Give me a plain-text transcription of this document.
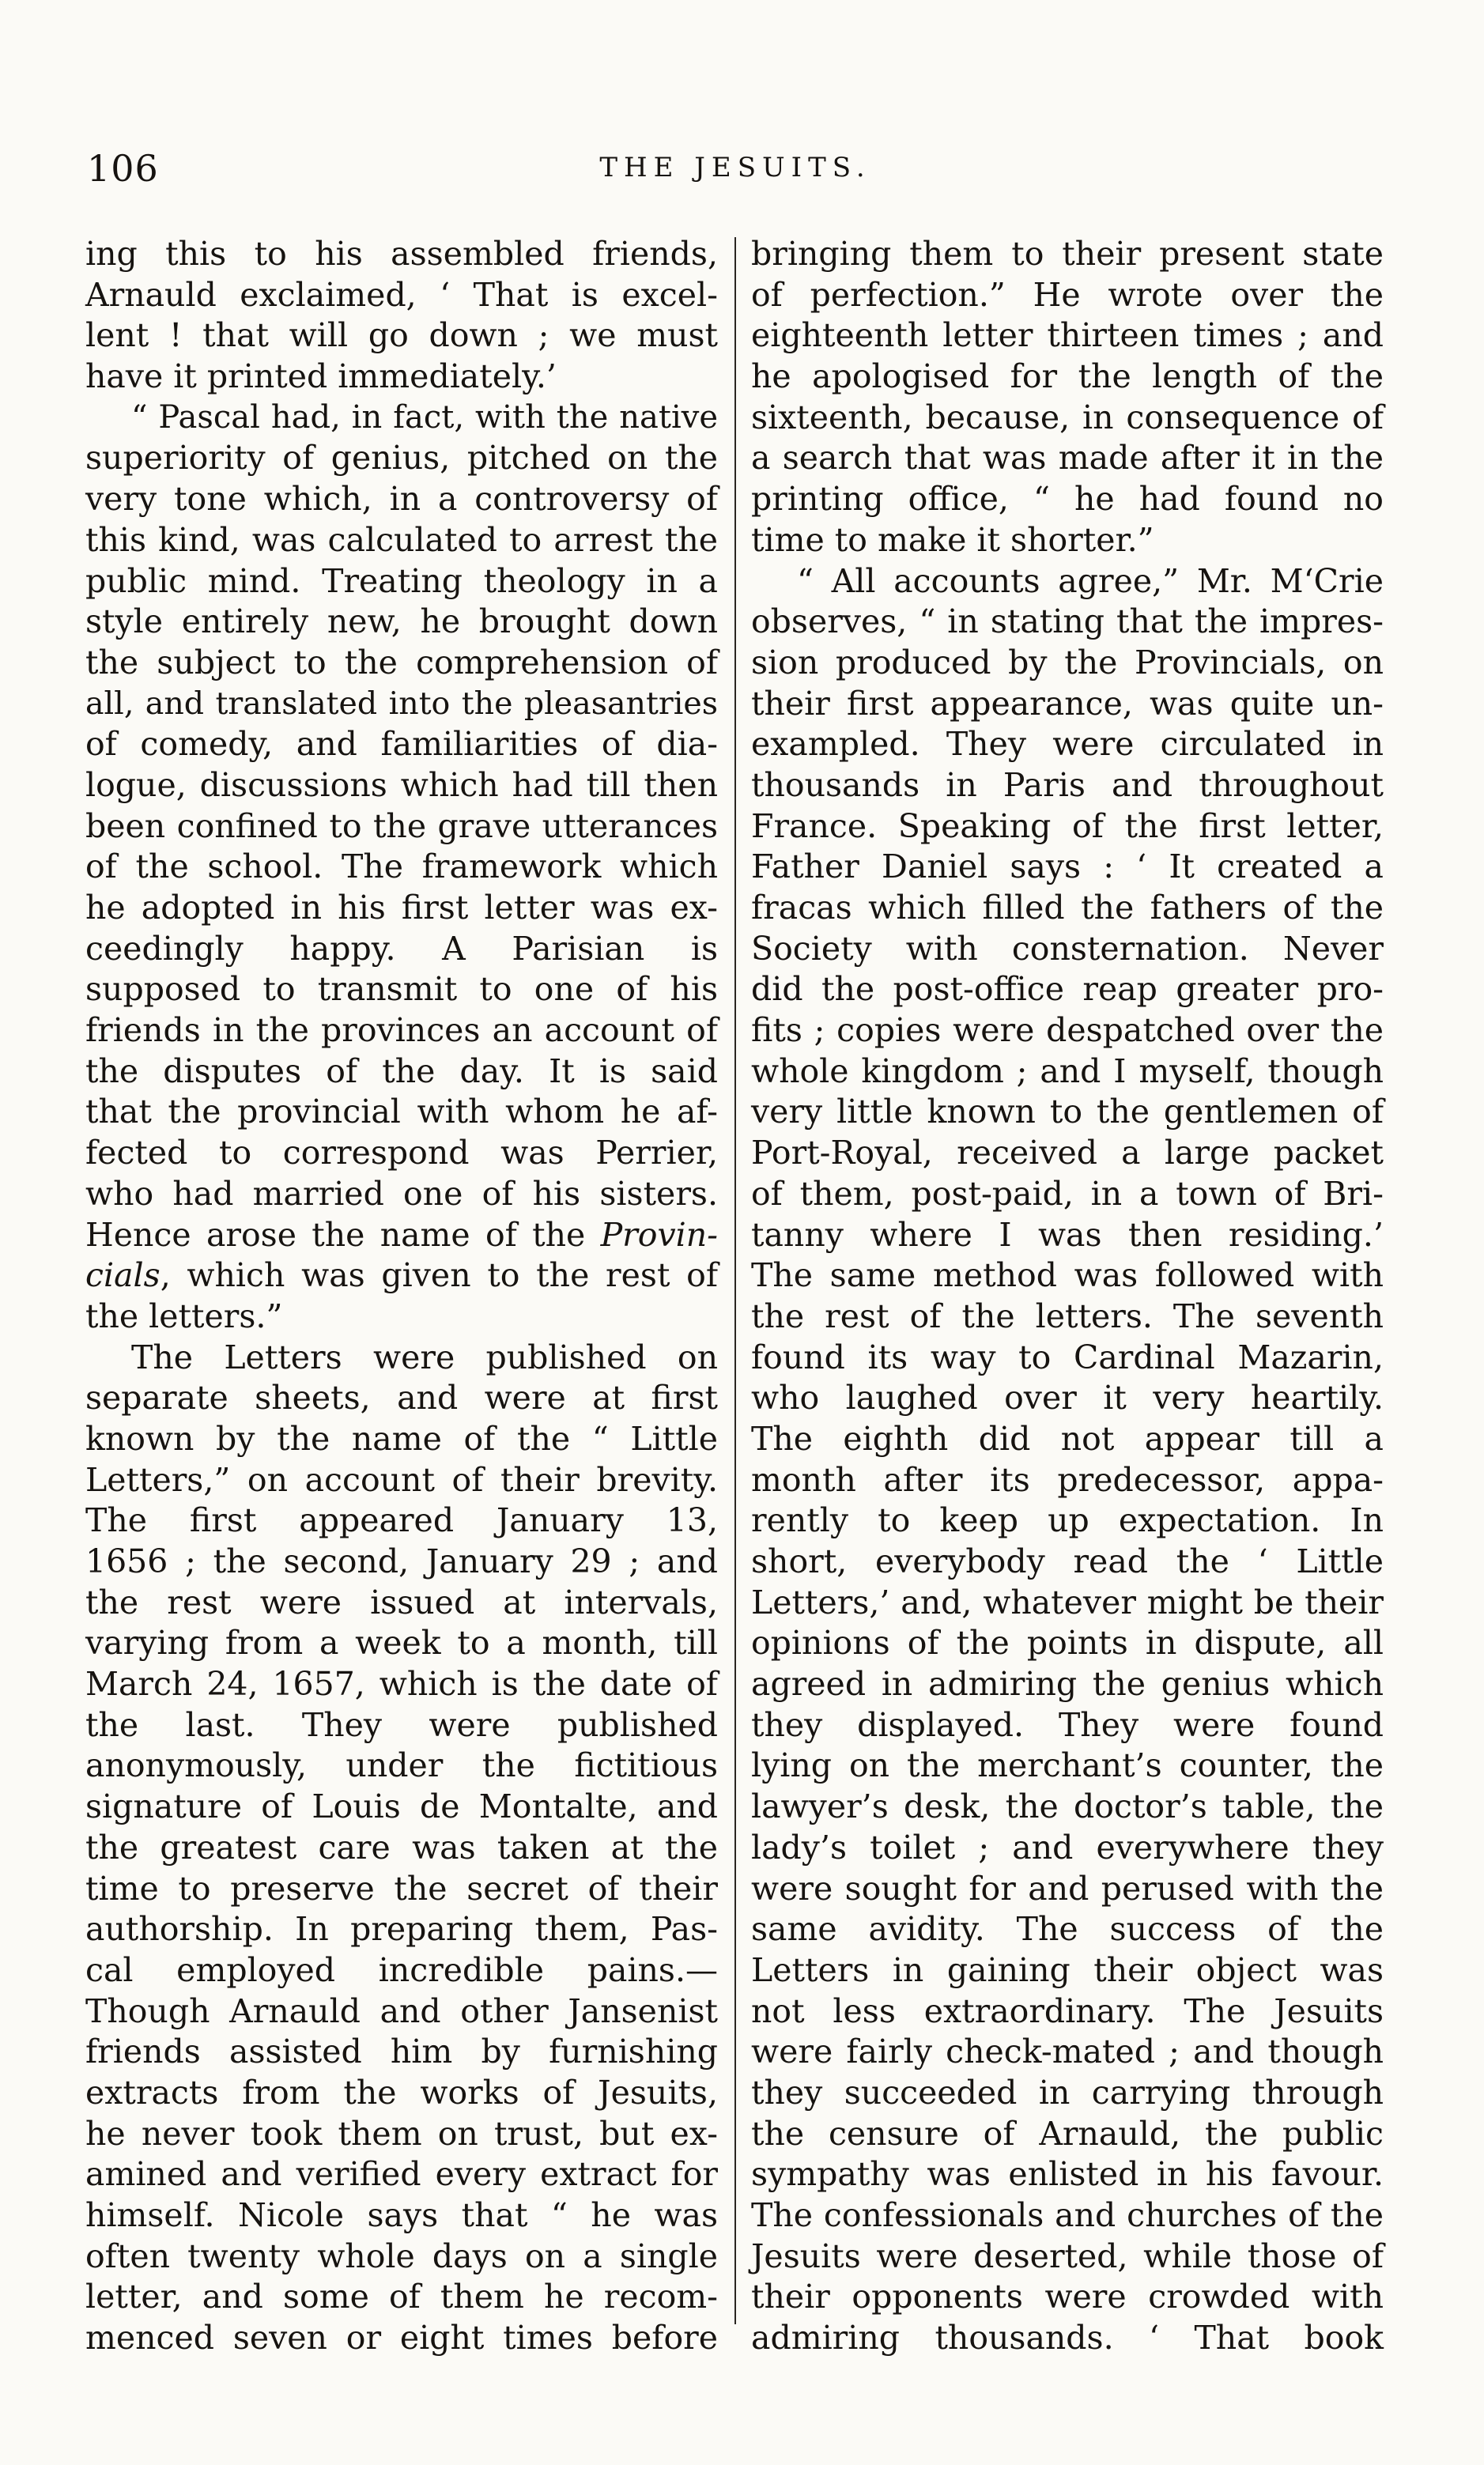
106	THE JESUITS.
ing this to his assembled friends,
Arnauld exclaimed, ‘ That is excel-
lent ! that will go down ; we must
have it printed immediately.’
“ Pascal had, in fact, with the native
superiority of genius, pitched on the
very tone which, in a controversy of
this kind, was calculated to arrest the
public mind. Treating theology in a
style entirely new, he brought down
the subject to the comprehension of
all, and translated into the pleasantries
of comedy, and familiarities of dia-
logue, discussions which had till then
been confined to the grave utterances
of the school. The framework which
he adopted in his first letter was ex-
ceedingly happy. A Parisian is
supposed to transmit to one of his
friends in the provinces an account of
the disputes of the day. It is said
that the provincial with whom he af-
fected to correspond was Perrier,
who had married one of his sisters.
Hence arose the name of the Provin-
cials, which was given to the rest of
the letters.”
The Letters were published on
separate sheets, and were at first
known by the name of the “ Little
Letters,” on account of their brevity.
The first appeared January 13,
1656 ; the second, January 29 ; and
the rest were issued at intervals,
varying from a week to a month, till
March 24, 1657, which is the date of
the last. They were published
anonymously, under the fictitious
signature of Louis de Montalte, and
the greatest care was taken at the
time to preserve the secret of their
authorship. In preparing them, Pas-
cal employed incredible pains.—
Though Arnauld and other Jansenist
friends assisted him by furnishing
extracts from the works of Jesuits,
he never took them on trust, but ex-
amined and verified every extract for
himself. Nicole says that “ he was
often twenty whole days on a single
letter, and some of them he recom-
menced seven or eight times before
bringing them to their present state
of perfection.” He wrote over the
eighteenth letter thirteen times ; and
he apologised for the length of the
sixteenth, because, in consequence of
a search that was made after it in the
printing office, “ he had found no
time to make it shorter.”
“ All accounts agree,” Mr. M‘Crie
observes, “ in stating that the impres-
sion produced by the Provincials, on
their first appearance, was quite un-
exampled. They were circulated in
thousands in Paris and throughout
France. Speaking of the first letter,
Father Daniel says : ‘ It created a
fracas which filled the fathers of the
Society with consternation. Never
did the post-office reap greater pro-
fits ; copies were despatched over the
whole kingdom ; and I myself, though
very little known to the gentlemen of
Port-Royal, received a large packet
of them, post-paid, in a town of Bri-
tanny where I was then residing.’
The same method was followed with
the rest of the letters. The seventh
found its way to Cardinal Mazarin,
who laughed over it very heartily.
The eighth did not appear till a
month after its predecessor, appa-
rently to keep up expectation. In
short, everybody read the ‘ Little
Letters,’ and, whatever might be their
opinions of the points in dispute, all
agreed in admiring the genius which
they displayed. They were found
lying on the merchant’s counter, the
lawyer’s desk, the doctor’s table, the
lady’s toilet ; and everywhere they
were sought for and perused with the
same avidity. The success of the
Letters in gaining their object was
not less extraordinary. The Jesuits
were fairly check-mated ; and though
they succeeded in carrying through
the censure of Arnauld, the public
sympathy was enlisted in his favour.
The confessionals and churches of the
Jesuits were deserted, while those of
their opponents were crowded with
admiring thousands. ‘ That book
